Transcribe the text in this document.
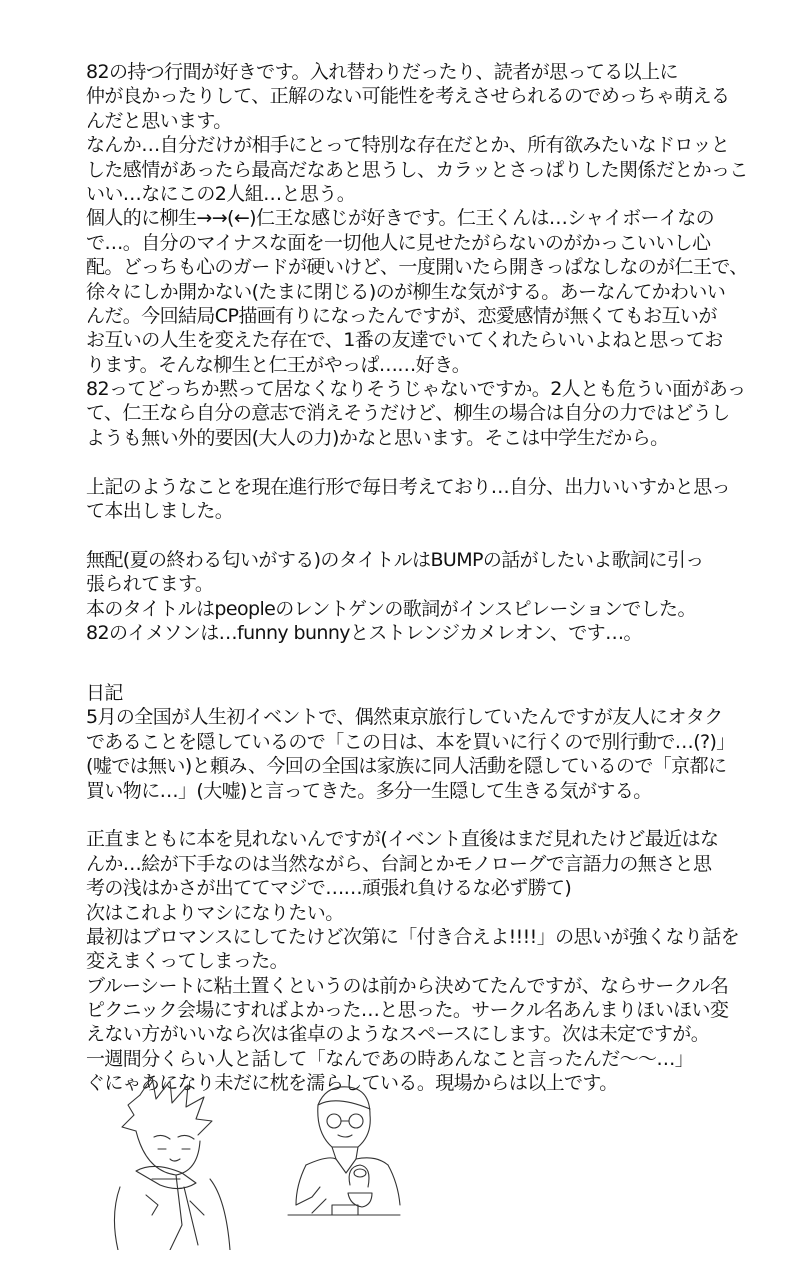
82の持つ行間が好きです。入れ替わりだったり、読者が思ってる以上に
仲が良かったりして、正解のない可能性を考えさせられるのでめっちゃ萌える
んだと思います。
なんか…自分だけが相手にとって特別な存在だとか、所有欲みたいなドロッと
した感情があったら最高だなあと思うし、カラッとさっぱりした関係だとかっこ
いい…なにこの2人組…と思う。
個人的に柳生→→(←)仁王な感じが好きです。仁王くんは…シャイボーイなの
で…。自分のマイナスな面を一切他人に見せたがらないのがかっこいいし心
配。どっちも心のガードが硬いけど、一度開いたら開きっぱなしなのが仁王で、
徐々にしか開かない(たまに閉じる)のが柳生な気がする。あーなんてかわいい
んだ。今回結局CP描画有りになったんですが、恋愛感情が無くてもお互いが
お互いの人生を変えた存在で、1番の友達でいてくれたらいいよねと思ってお
ります。そんな柳生と仁王がやっぱ……好き。
82ってどっちか黙って居なくなりそうじゃないですか。2人とも危うい面があっ
て、仁王なら自分の意志で消えそうだけど、柳生の場合は自分の力ではどうし
ようも無い外的要因(大人の力)かなと思います。そこは中学生だから。
上記のようなことを現在進行形で毎日考えており…自分、出力いいすかと思っ
て本出しました。
無配(夏の終わる匂いがする)のタイトルはBUMPの話がしたいよ歌詞に引っ
張られてます。
本のタイトルはpeopleのレントゲンの歌詞がインスピレーションでした。
82のイメソンは…funny bunnyとストレンジカメレオン、です…。
日記
5月の全国が人生初イベントで、偶然東京旅行していたんですが友人にオタク
であることを隠しているので「この日は、本を買いに行くので別行動で…(?)」
(嘘では無い)と頼み、今回の全国は家族に同人活動を隠しているので「京都に
買い物に…」(大嘘)と言ってきた。多分一生隠して生きる気がする。
正直まともに本を見れないんですが(イベント直後はまだ見れたけど最近はな
んか…絵が下手なのは当然ながら、台詞とかモノローグで言語力の無さと思
考の浅はかさが出ててマジで……頑張れ負けるな必ず勝て)
次はこれよりマシになりたい。
最初はブロマンスにしてたけど次第に「付き合えよ!!!!」の思いが強くなり話を
変えまくってしまった。
ブルーシートに粘土置くというのは前から決めてたんですが、ならサークル名
ピクニック会場にすればよかった…と思った。サークル名あんまりほいほい変
えない方がいいなら次は雀卓のようなスペースにします。次は未定ですが。
一週間分くらい人と話して「なんであの時あんなこと言ったんだ～～…」
ぐにゃあになり未だに枕を濡らしている。現場からは以上です。
